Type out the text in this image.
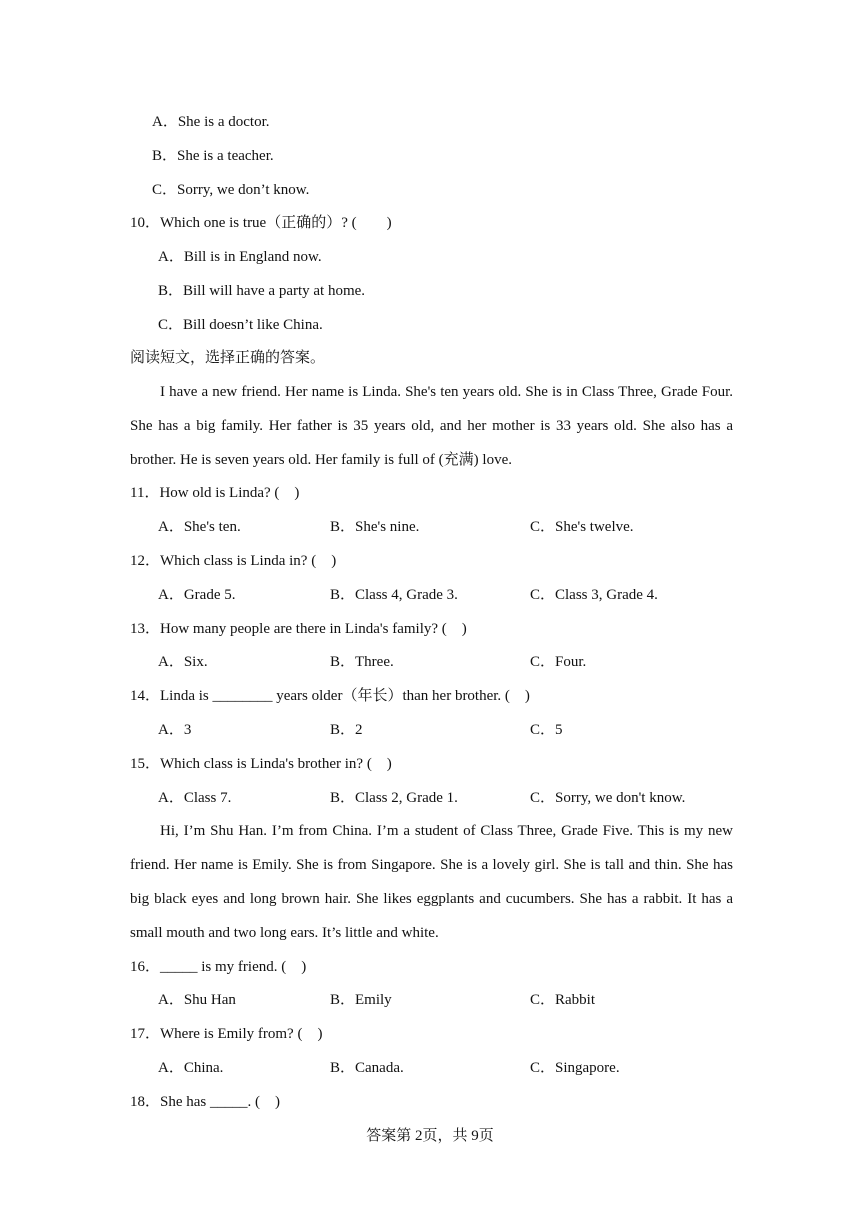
A．She is a doctor.
B．She is a teacher.
C．Sorry, we don’t know.
10．Which one is true（正确的）? (　　)
A．Bill is in England now.
B．Bill will have a party at home.
C．Bill doesn’t like China.
阅读短文，选择正确的答案。
I have a new friend. Her name is Linda. She's ten years old. She is in Class Three, Grade Four.
She has a big family. Her father is 35 years old, and her mother is 33 years old. She also has a
brother. He is seven years old. Her family is full of (充满) love.
11．How old is Linda? (　)
A．She's ten.	B．She's nine.	C．She's twelve.
12．Which class is Linda in? (　)
A．Grade 5.	B．Class 4, Grade 3.	C．Class 3, Grade 4.
13．How many people are there in Linda's family? (　)
A．Six.	B．Three.	C．Four.
14．Linda is ________ years older（年长）than her brother. (　)
A．3	B．2	C．5
15．Which class is Linda's brother in? (　)
A．Class 7.	B．Class 2, Grade 1.	C．Sorry, we don't know.
Hi, I’m Shu Han. I’m from China. I’m a student of Class Three, Grade Five. This is my new
friend. Her name is Emily. She is from Singapore. She is a lovely girl. She is tall and thin. She has
big black eyes and long brown hair. She likes eggplants and cucumbers. She has a rabbit. It has a
small mouth and two long ears. It’s little and white.
16．_____ is my friend. (　)
A．Shu Han	B．Emily	C．Rabbit
17．Where is Emily from? (　)
A．China.	B．Canada.	C．Singapore.
18．She has _____. (　)
答案第 2页，共 9页
